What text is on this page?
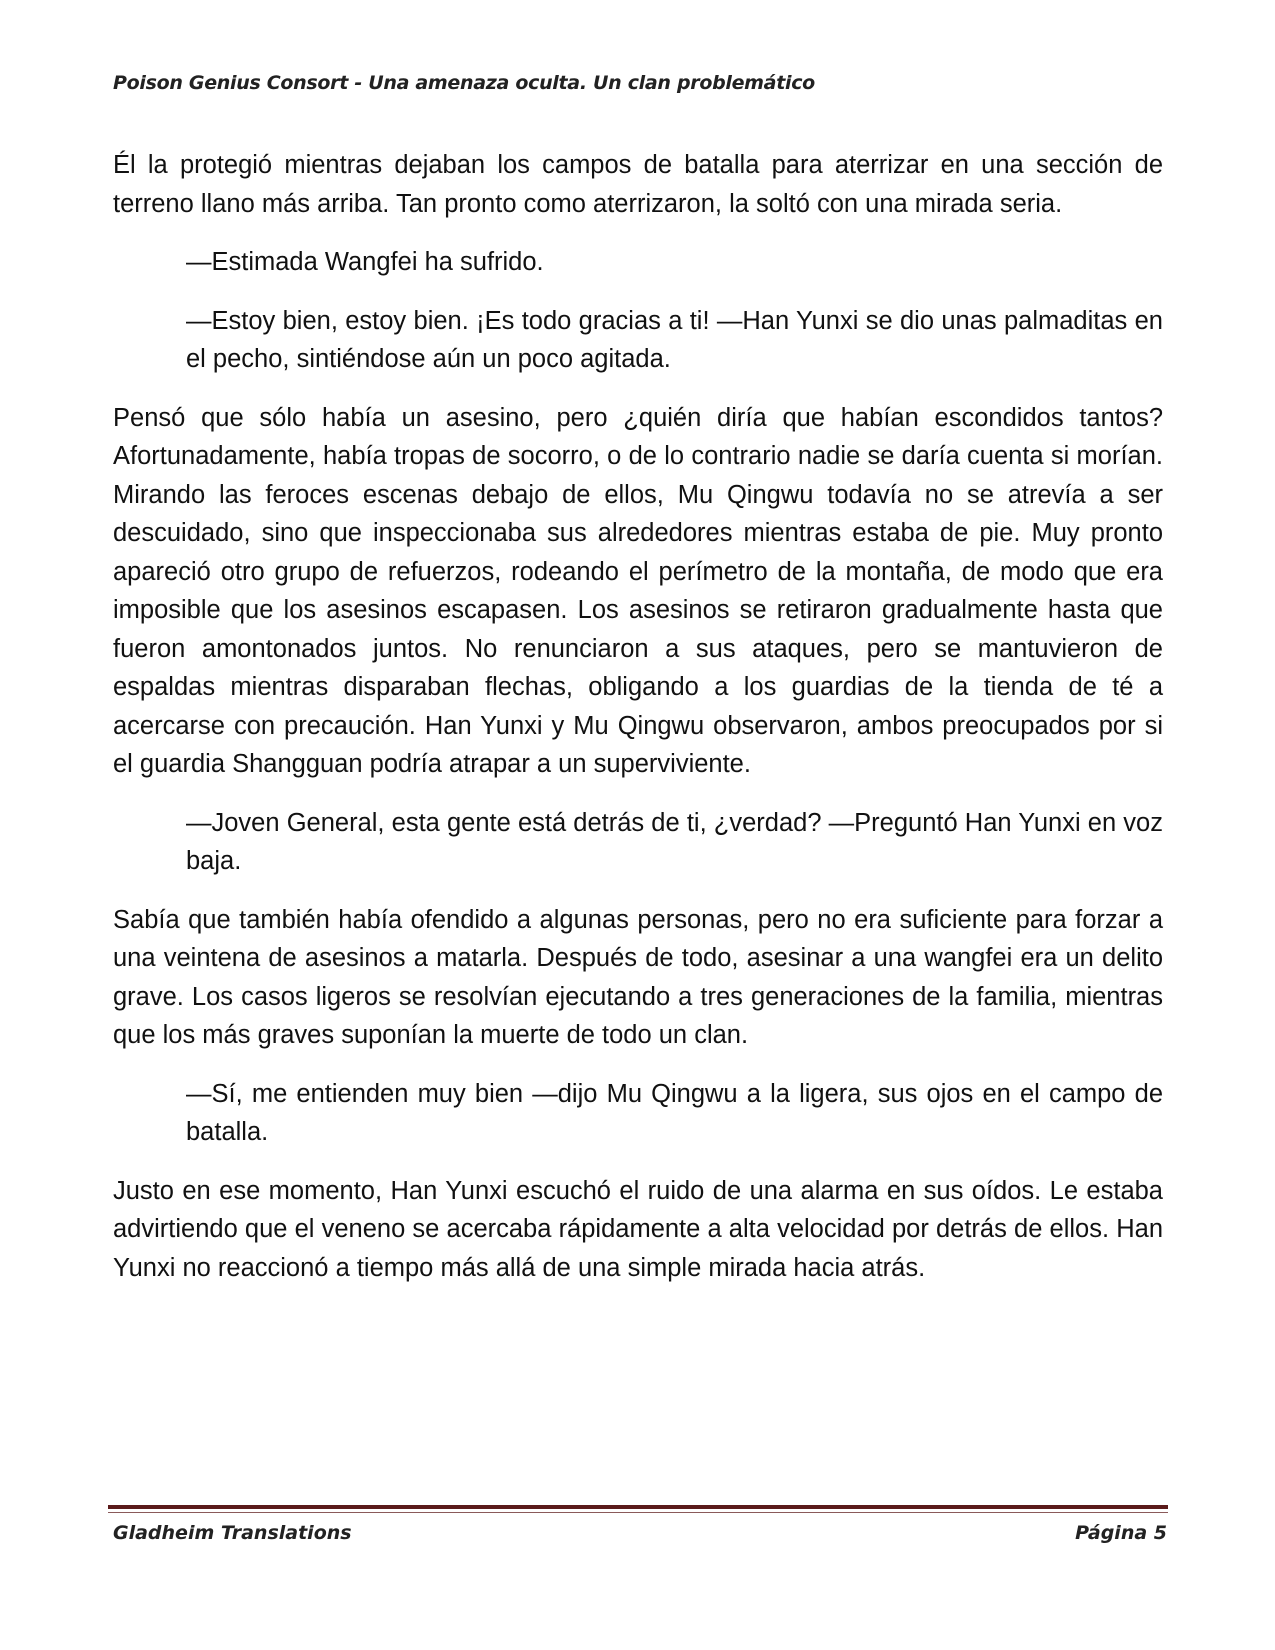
Poison Genius Consort - Una amenaza oculta. Un clan problemático

Él la protegió mientras dejaban los campos de batalla para aterrizar en una sección de terreno llano más arriba. Tan pronto como aterrizaron, la soltó con una mirada seria.

—Estimada Wangfei ha sufrido.

—Estoy bien, estoy bien. ¡Es todo gracias a ti! —Han Yunxi se dio unas palmaditas en el pecho, sintiéndose aún un poco agitada.

Pensó que sólo había un asesino, pero ¿quién diría que habían escondidos tantos? Afortunadamente, había tropas de socorro, o de lo contrario nadie se daría cuenta si morían. Mirando las feroces escenas debajo de ellos, Mu Qingwu todavía no se atrevía a ser descuidado, sino que inspeccionaba sus alrededores mientras estaba de pie. Muy pronto apareció otro grupo de refuerzos, rodeando el perímetro de la montaña, de modo que era imposible que los asesinos escapasen. Los asesinos se retiraron gradualmente hasta que fueron amontonados juntos. No renunciaron a sus ataques, pero se mantuvieron de espaldas mientras disparaban flechas, obligando a los guardias de la tienda de té a acercarse con precaución. Han Yunxi y Mu Qingwu observaron, ambos preocupados por si el guardia Shangguan podría atrapar a un superviviente.

—Joven General, esta gente está detrás de ti, ¿verdad? —Preguntó Han Yunxi en voz baja.

Sabía que también había ofendido a algunas personas, pero no era suficiente para forzar a una veintena de asesinos a matarla. Después de todo, asesinar a una wangfei era un delito grave. Los casos ligeros se resolvían ejecutando a tres generaciones de la familia, mientras que los más graves suponían la muerte de todo un clan.

—Sí, me entienden muy bien —dijo Mu Qingwu a la ligera, sus ojos en el campo de batalla.

Justo en ese momento, Han Yunxi escuchó el ruido de una alarma en sus oídos. Le estaba advirtiendo que el veneno se acercaba rápidamente a alta velocidad por detrás de ellos. Han Yunxi no reaccionó a tiempo más allá de una simple mirada hacia atrás.

Gladheim Translations	Página 5
